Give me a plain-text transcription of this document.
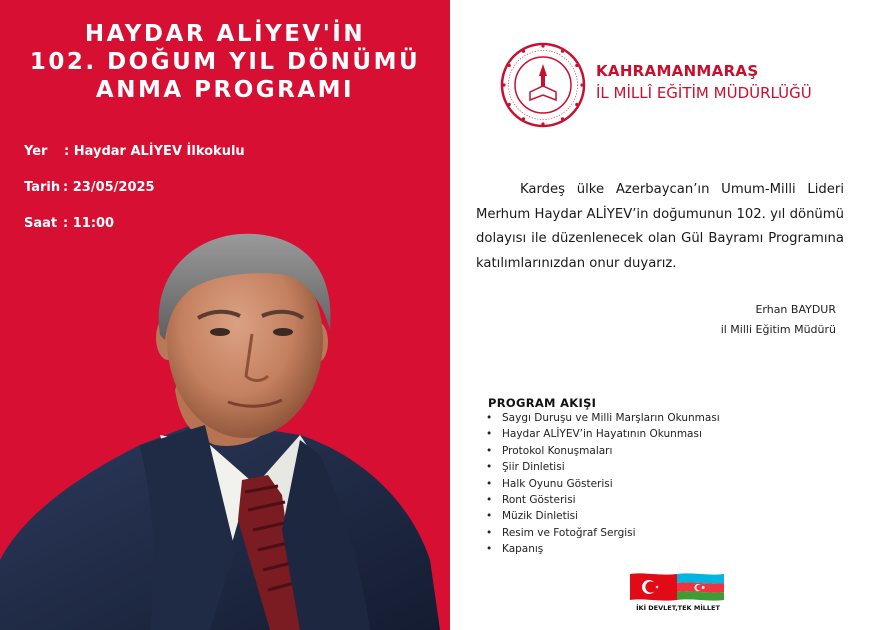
HAYDAR ALİYEV'İN
102. DOĞUM YIL DÖNÜMÜ
ANMA PROGRAMI
Yer : Haydar ALİYEV İlkokulu
Tarih : 23/05/2025
Saat : 11:00
KAHRAMANMARAŞ
İL MİLLÎ EĞİTİM MÜDÜRLÜĞÜ
Kardeş ülke Azerbaycan’ın Umum-Milli Lideri Merhum Haydar ALİYEV’in doğumunun 102. yıl dönümü dolayısı ile düzenlenecek olan Gül Bayramı Programına katılımlarınızdan onur duyarız.
Erhan BAYDUR
il Milli Eğitim Müdürü
PROGRAM AKIŞI
• Saygı Duruşu ve Milli Marşların Okunması
• Haydar ALİYEV’in Hayatının Okunması
• Protokol Konuşmaları
• Şiir Dinletisi
• Halk Oyunu Gösterisi
• Ront Gösterisi
• Müzik Dinletisi
• Resim ve Fotoğraf Sergisi
• Kapanış
İKİ DEVLET,TEK MİLLET
